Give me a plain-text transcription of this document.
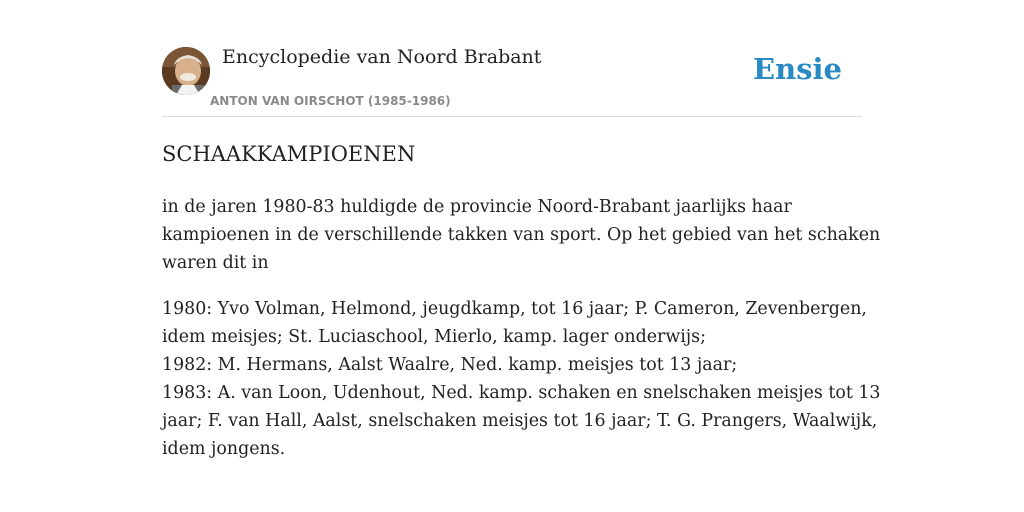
Encyclopedie van Noord Brabant
ANTON VAN OIRSCHOT (1985-1986)
Ensie
SCHAAKKAMPIOENEN

in de jaren 1980-83 huldigde de provincie Noord-Brabant jaarlijks haar
kampioenen in de verschillende takken van sport. Op het gebied van het schaken
waren dit in

1980: Yvo Volman, Helmond, jeugdkamp, tot 16 jaar; P. Cameron, Zevenbergen,
idem meisjes; St. Luciaschool, Mierlo, kamp. lager onderwijs;
1982: M. Hermans, Aalst Waalre, Ned. kamp. meisjes tot 13 jaar;
1983: A. van Loon, Udenhout, Ned. kamp. schaken en snelschaken meisjes tot 13
jaar; F. van Hall, Aalst, snelschaken meisjes tot 16 jaar; T. G. Prangers, Waalwijk,
idem jongens.
